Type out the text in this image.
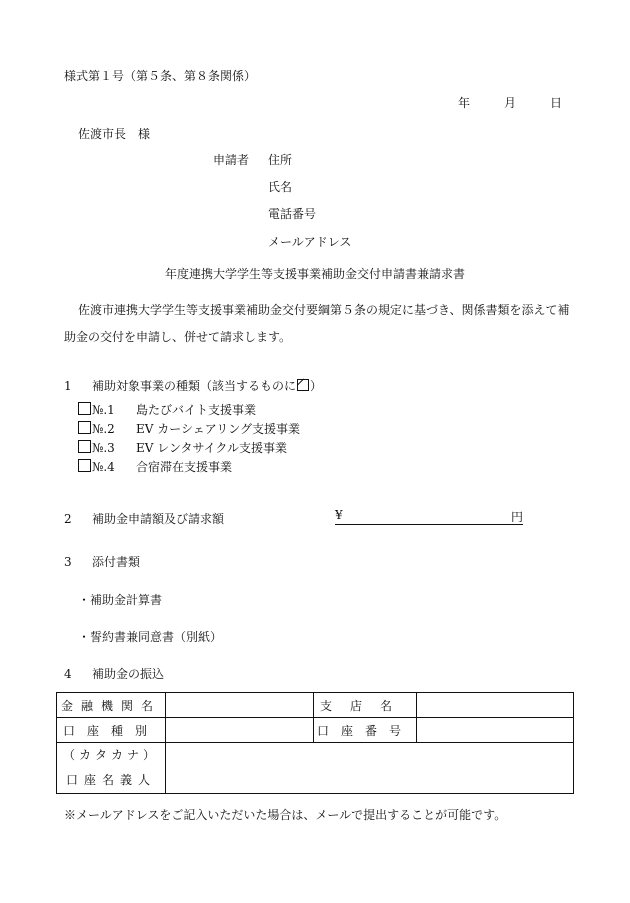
様式第１号（第５条、第８条関係）
年	月	日
佐渡市長　様
申請者 住所
氏名
電話番号
メールアドレス
年度連携大学学生等支援事業補助金交付申請書兼請求書
佐渡市連携大学学生等支援事業補助金交付要綱第５条の規定に基づき、関係書類を添えて補助金の交付を申請し、併せて請求します。
1 補助対象事業の種類（該当するものに ）
№.1 島たびバイト支援事業
№.2 EV カーシェアリング支援事業
№.3 EV レンタサイクル支援事業
№.4 合宿滞在支援事業
2 補助金申請額及び請求額	¥	円
3 添付書類
・補助金計算書
・誓約書兼同意書（別紙）
4 補助金の振込
金融機関名		支店名	
口座種別		口座番号	

（カタカナ）
口座名義人			

※メールアドレスをご記入いただいた場合は、メールで提出することが可能です。
